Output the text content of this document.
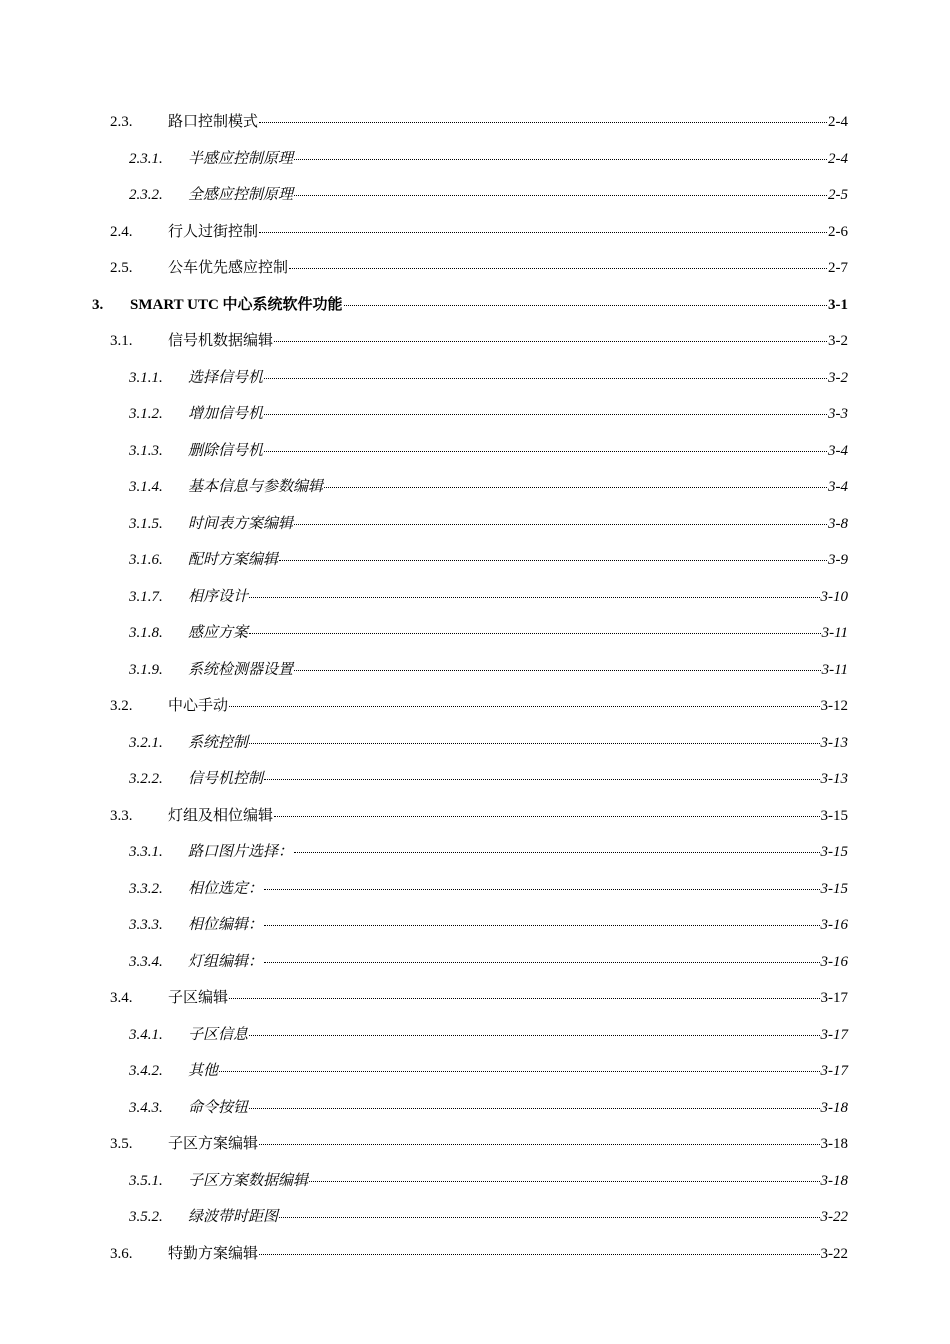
2.3. 路口控制模式	2-4
2.3.1. 半感应控制原理	2-4
2.3.2. 全感应控制原理	2-5
2.4. 行人过街控制	2-6
2.5. 公车优先感应控制	2-7
3. SMART UTC 中心系统软件功能	3-1
3.1. 信号机数据编辑	3-2
3.1.1. 选择信号机	3-2
3.1.2. 增加信号机	3-3
3.1.3. 删除信号机	3-4
3.1.4. 基本信息与参数编辑	3-4
3.1.5. 时间表方案编辑	3-8
3.1.6. 配时方案编辑	3-9
3.1.7. 相序设计	3-10
3.1.8. 感应方案	3-11
3.1.9. 系统检测器设置	3-11
3.2. 中心手动	3-12
3.2.1. 系统控制	3-13
3.2.2. 信号机控制	3-13
3.3. 灯组及相位编辑	3-15
3.3.1. 路口图片选择：	3-15
3.3.2. 相位选定：	3-15
3.3.3. 相位编辑：	3-16
3.3.4. 灯组编辑：	3-16
3.4. 子区编辑	3-17
3.4.1. 子区信息	3-17
3.4.2. 其他	3-17
3.4.3. 命令按钮	3-18
3.5. 子区方案编辑	3-18
3.5.1. 子区方案数据编辑	3-18
3.5.2. 绿波带时距图	3-22
3.6. 特勤方案编辑	3-22
